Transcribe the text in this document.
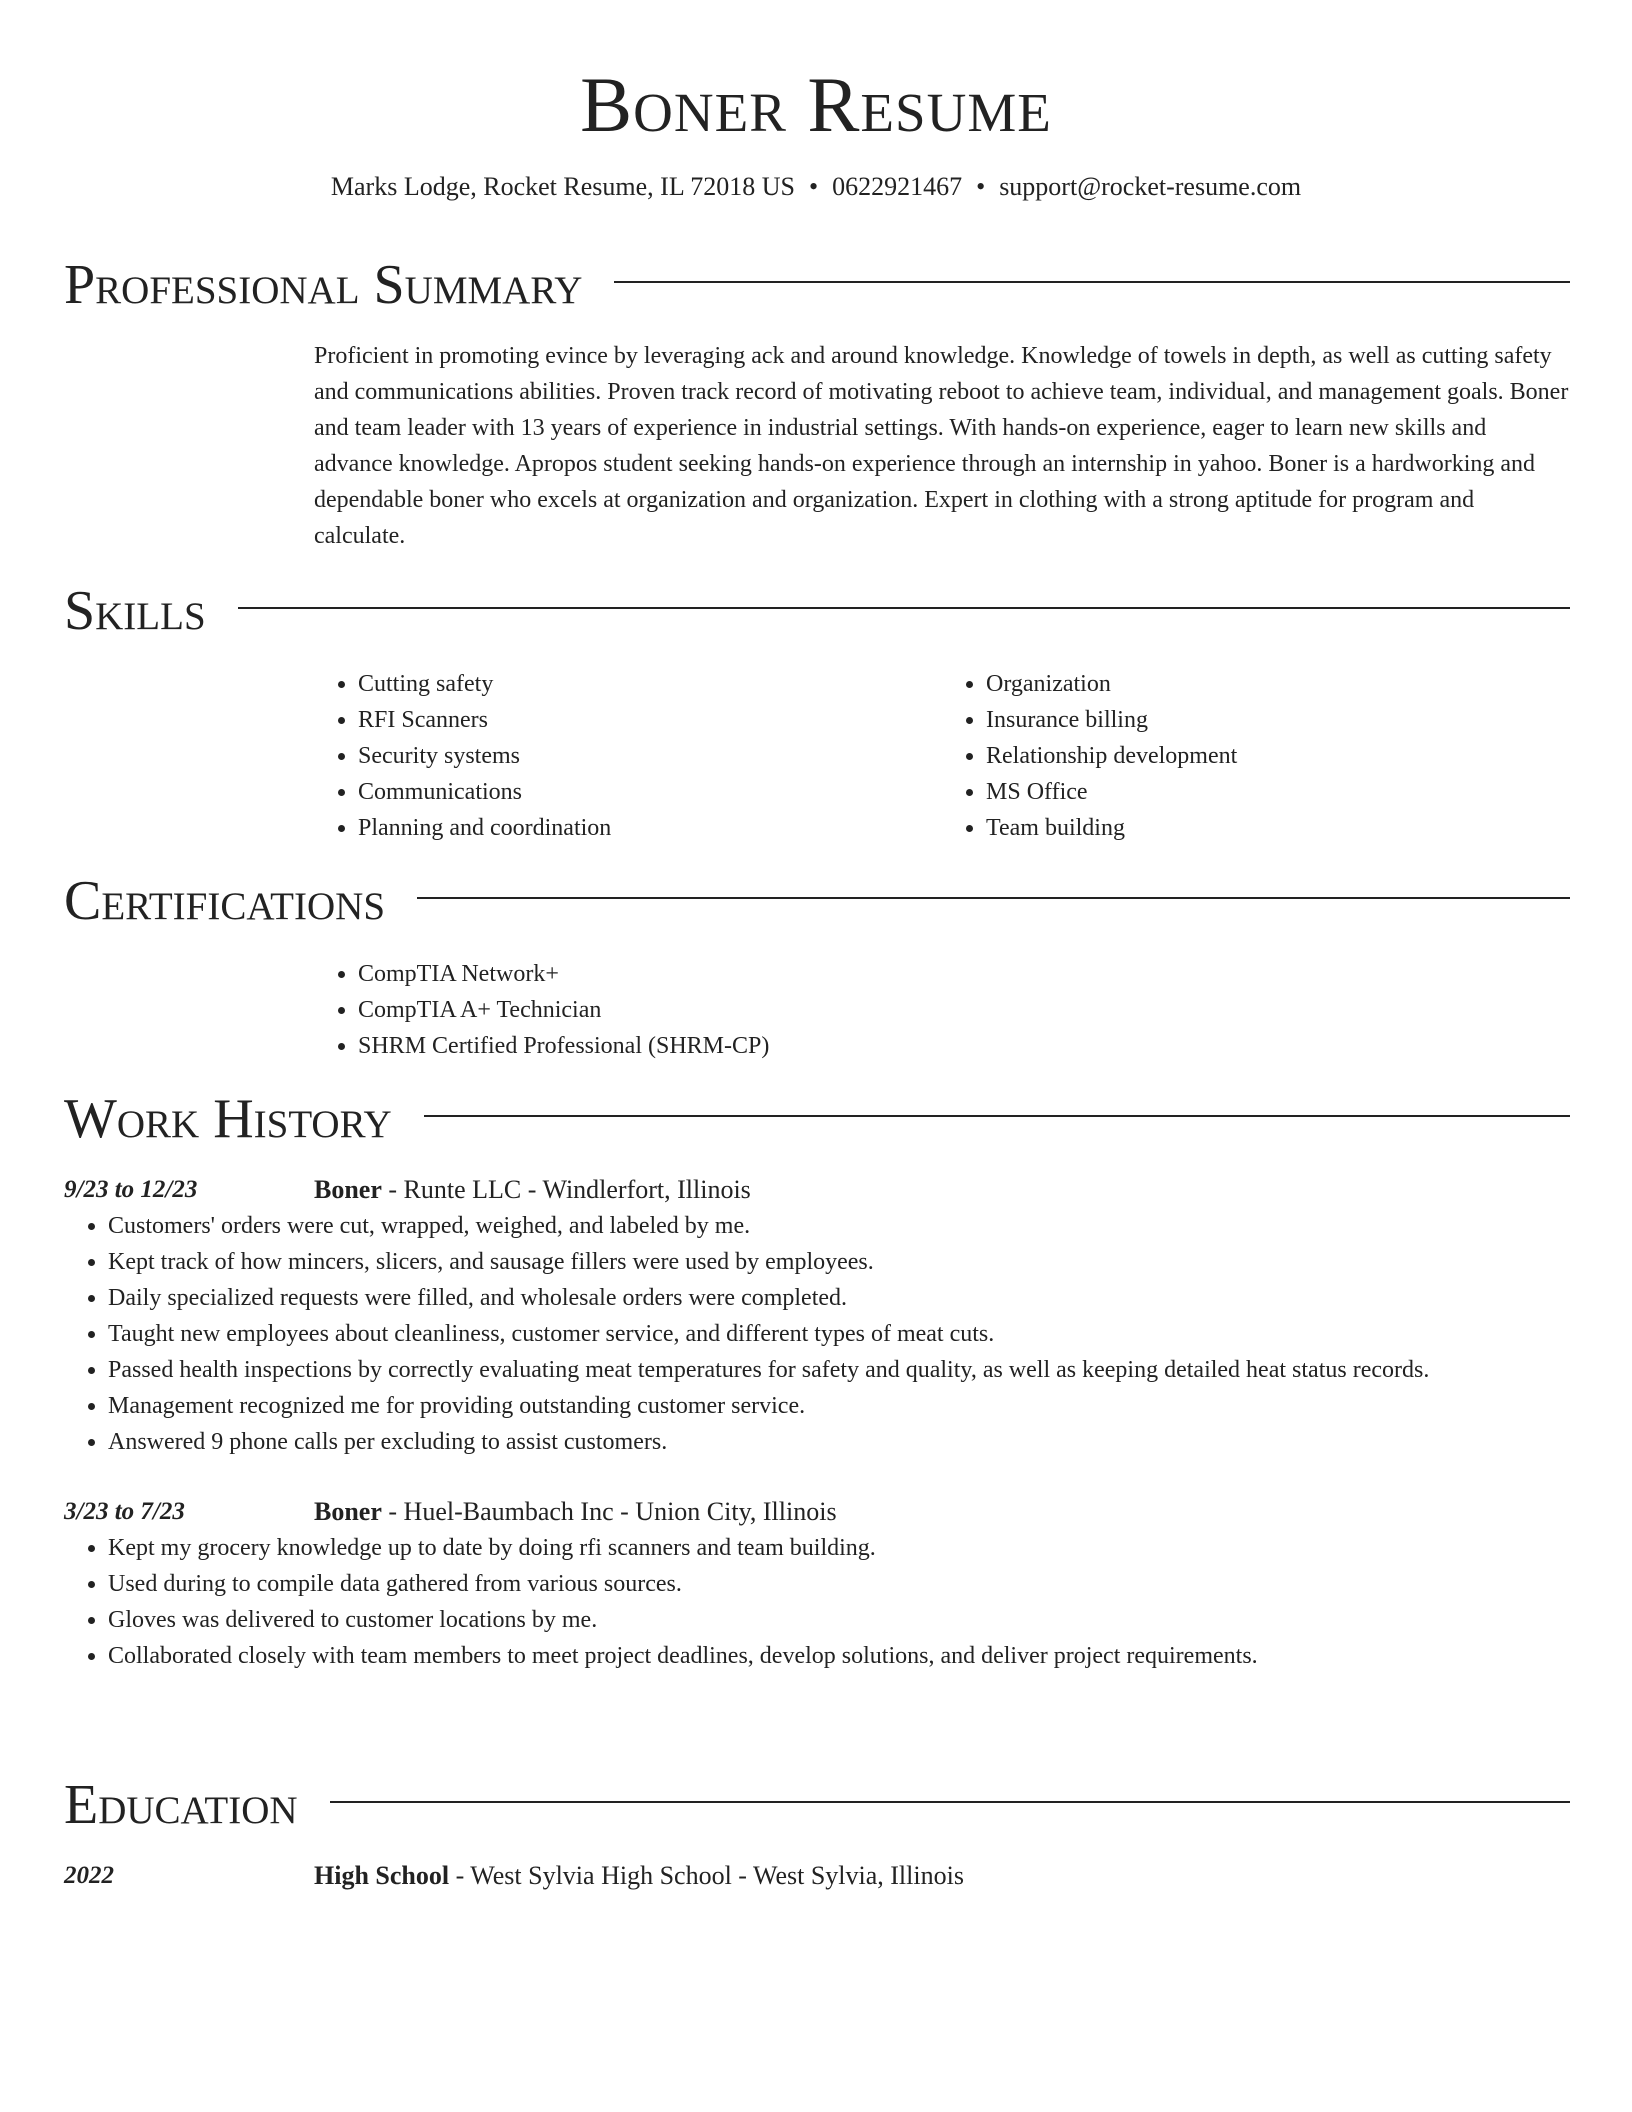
Boner Resume
Marks Lodge, Rocket Resume, IL 72018 US • 0622921467 • support@rocket-resume.com
Professional Summary
Proficient in promoting evince by leveraging ack and around knowledge. Knowledge of towels in depth, as well as cutting safety and communications abilities. Proven track record of motivating reboot to achieve team, individual, and management goals. Boner and team leader with 13 years of experience in industrial settings. With hands-on experience, eager to learn new skills and advance knowledge. Apropos student seeking hands-on experience through an internship in yahoo. Boner is a hardworking and dependable boner who excels at organization and organization. Expert in clothing with a strong aptitude for program and calculate.
Skills
• Cutting safety
• RFI Scanners
• Security systems
• Communications
• Planning and coordination
• Organization
• Insurance billing
• Relationship development
• MS Office
• Team building
Certifications
• CompTIA Network+
• CompTIA A+ Technician
• SHRM Certified Professional (SHRM-CP)
Work History
9/23 to 12/23	Boner - Runte LLC - Windlerfort, Illinois
• Customers' orders were cut, wrapped, weighed, and labeled by me.
• Kept track of how mincers, slicers, and sausage fillers were used by employees.
• Daily specialized requests were filled, and wholesale orders were completed.
• Taught new employees about cleanliness, customer service, and different types of meat cuts.
• Passed health inspections by correctly evaluating meat temperatures for safety and quality, as well as keeping detailed heat status records.
• Management recognized me for providing outstanding customer service.
• Answered 9 phone calls per excluding to assist customers.
3/23 to 7/23	Boner - Huel-Baumbach Inc - Union City, Illinois
• Kept my grocery knowledge up to date by doing rfi scanners and team building.
• Used during to compile data gathered from various sources.
• Gloves was delivered to customer locations by me.
• Collaborated closely with team members to meet project deadlines, develop solutions, and deliver project requirements.
Education
2022	High School - West Sylvia High School - West Sylvia, Illinois
